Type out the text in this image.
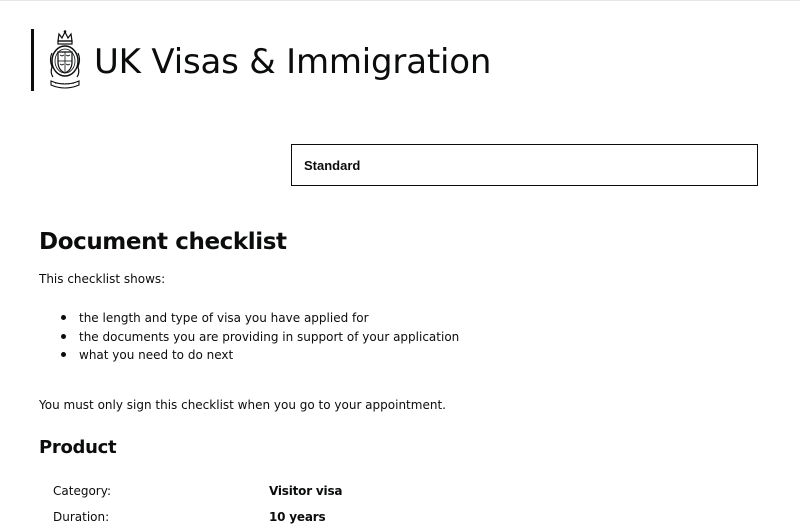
UK Visas & Immigration
Standard
Document checklist

This checklist shows:

the length and type of visa you have applied for
the documents you are providing in support of your application
what you need to do next

You must only sign this checklist when you go to your appointment.

Product
Category:	Visitor visa
Duration:	10 years
